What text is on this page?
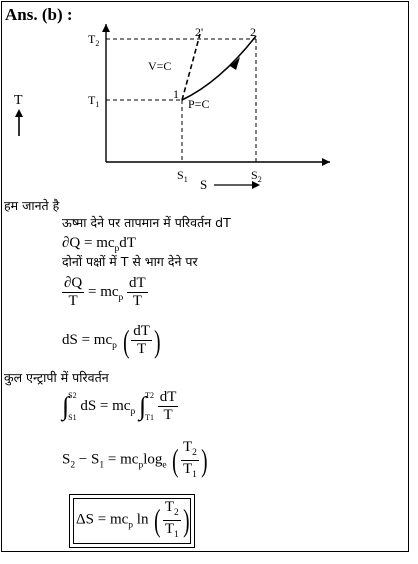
Ans. (b) :
$T_2$
$T_1$
2'	2
1
V=C
P=C
$S_1$	$S_2$
S
T
हम जानते है
ऊष्मा देने पर तापमान में परिवर्तन dT
$\partial Q = mc_pdT$
दोनों पक्षों में T से भाग देने पर
$\frac{\partial Q}{T} = mc_p \frac{dT}{T}$
dS = $mc_p$ ( $\frac{dT}{T}$ )
कुल एन्ट्रापी में परिवर्तन
∫ S2
S1
dS = $mc_p$ ∫ T2
T1
$\frac{dT}{T}$
$S_2 - S_1 = mc_p\log_e$ ( $\frac{T_2}{T_1}$ )
$\Delta S = mc_p$ ln ( $\frac{T_2}{T_1}$ )
